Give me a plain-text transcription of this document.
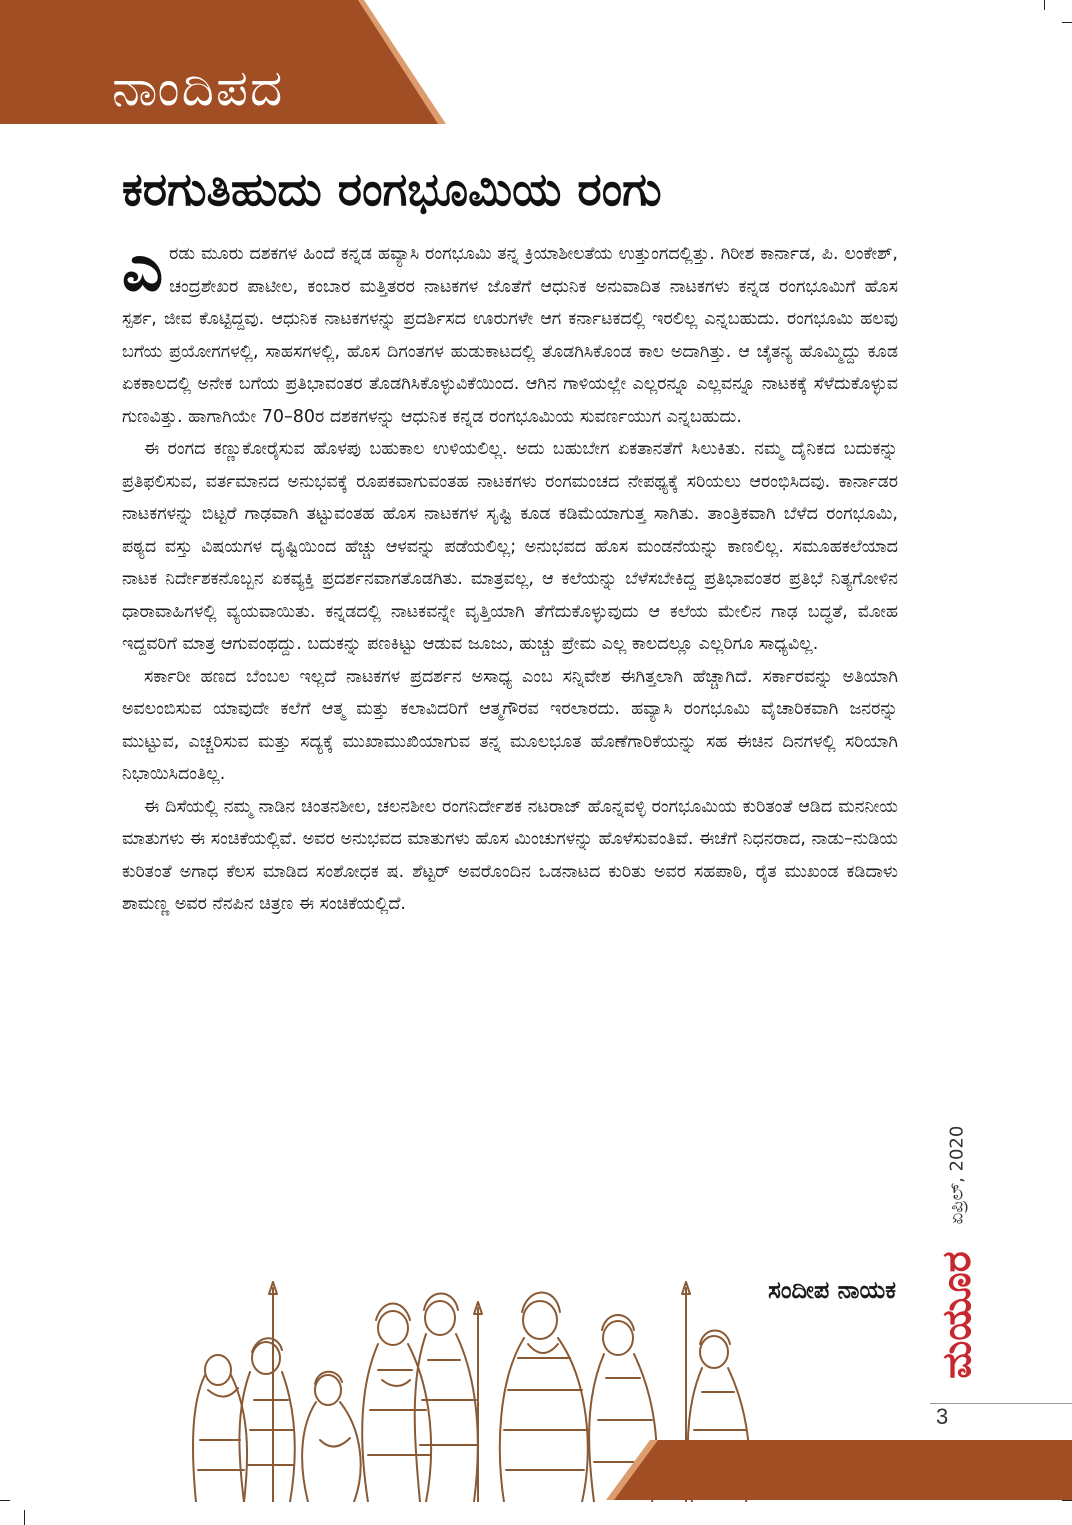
ನಾಂದಿಪದ
ಕರಗುತಿಹುದು ರಂಗಭೂಮಿಯ ರಂಗು

ಎರಡು ಮೂರು ದಶಕಗಳ ಹಿಂದೆ ಕನ್ನಡ ಹವ್ಯಾಸಿ ರಂಗಭೂಮಿ ತನ್ನ ಕ್ರಿಯಾಶೀಲತೆಯ ಉತ್ತುಂಗದಲ್ಲಿತ್ತು. ಗಿರೀಶ ಕಾರ್ನಾಡ, ಪಿ. ಲಂಕೇಶ್, ಚಂದ್ರಶೇಖರ ಪಾಟೀಲ, ಕಂಬಾರ ಮತ್ತಿತರರ ನಾಟಕಗಳ ಜೊತೆಗೆ ಆಧುನಿಕ ಅನುವಾದಿತ ನಾಟಕಗಳು ಕನ್ನಡ ರಂಗಭೂಮಿಗೆ ಹೊಸ ಸ್ಪರ್ಶ, ಜೀವ ಕೊಟ್ಟಿದ್ದವು. ಆಧುನಿಕ ನಾಟಕಗಳನ್ನು ಪ್ರದರ್ಶಿಸದ ಊರುಗಳೇ ಆಗ ಕರ್ನಾಟಕದಲ್ಲಿ ಇರಲಿಲ್ಲ ಎನ್ನಬಹುದು. ರಂಗಭೂಮಿ ಹಲವು ಬಗೆಯ ಪ್ರಯೋಗಗಳಲ್ಲಿ, ಸಾಹಸಗಳಲ್ಲಿ, ಹೊಸ ದಿಗಂತಗಳ ಹುಡುಕಾಟದಲ್ಲಿ ತೊಡಗಿಸಿಕೊಂಡ ಕಾಲ ಅದಾಗಿತ್ತು. ಆ ಚೈತನ್ಯ ಹೊಮ್ಮಿದ್ದು ಕೂಡ ಏಕಕಾಲದಲ್ಲಿ ಅನೇಕ ಬಗೆಯ ಪ್ರತಿಭಾವಂತರ ತೊಡಗಿಸಿಕೊಳ್ಳುವಿಕೆಯಿಂದ. ಆಗಿನ ಗಾಳಿಯಲ್ಲೇ ಎಲ್ಲರನ್ನೂ ಎಲ್ಲವನ್ನೂ ನಾಟಕಕ್ಕೆ ಸೆಳೆದುಕೊಳ್ಳುವ ಗುಣವಿತ್ತು. ಹಾಗಾಗಿಯೇ 70–80ರ ದಶಕಗಳನ್ನು ಆಧುನಿಕ ಕನ್ನಡ ರಂಗಭೂಮಿಯ ಸುವರ್ಣಯುಗ ಎನ್ನಬಹುದು.

ಈ ರಂಗದ ಕಣ್ಣುಕೋರೈಸುವ ಹೊಳಪು ಬಹುಕಾಲ ಉಳಿಯಲಿಲ್ಲ. ಅದು ಬಹುಬೇಗ ಏಕತಾನತೆಗೆ ಸಿಲುಕಿತು. ನಮ್ಮ ದೈನಿಕದ ಬದುಕನ್ನು ಪ್ರತಿಫಲಿಸುವ, ವರ್ತಮಾನದ ಅನುಭವಕ್ಕೆ ರೂಪಕವಾಗುವಂತಹ ನಾಟಕಗಳು ರಂಗಮಂಚದ ನೇಪಥ್ಯಕ್ಕೆ ಸರಿಯಲು ಆರಂಭಿಸಿದವು. ಕಾರ್ನಾಡರ ನಾಟಕಗಳನ್ನು ಬಿಟ್ಟರೆ ಗಾಢವಾಗಿ ತಟ್ಟುವಂತಹ ಹೊಸ ನಾಟಕಗಳ ಸೃಷ್ಟಿ ಕೂಡ ಕಡಿಮೆಯಾಗುತ್ತ ಸಾಗಿತು. ತಾಂತ್ರಿಕವಾಗಿ ಬೆಳೆದ ರಂಗಭೂಮಿ, ಪಠ್ಯದ ವಸ್ತು ವಿಷಯಗಳ ದೃಷ್ಟಿಯಿಂದ ಹೆಚ್ಚು ಆಳವನ್ನು ಪಡೆಯಲಿಲ್ಲ; ಅನುಭವದ ಹೊಸ ಮಂಡನೆಯನ್ನು ಕಾಣಲಿಲ್ಲ. ಸಮೂಹಕಲೆಯಾದ ನಾಟಕ ನಿರ್ದೇಶಕನೊಬ್ಬನ ಏಕವ್ಯಕ್ತಿ ಪ್ರದರ್ಶನವಾಗತೊಡಗಿತು. ಮಾತ್ರವಲ್ಲ, ಆ ಕಲೆಯನ್ನು ಬೆಳೆಸಬೇಕಿದ್ದ ಪ್ರತಿಭಾವಂತರ ಪ್ರತಿಭೆ ನಿತ್ಯಗೋಳಿನ ಧಾರಾವಾಹಿಗಳಲ್ಲಿ ವ್ಯಯವಾಯಿತು. ಕನ್ನಡದಲ್ಲಿ ನಾಟಕವನ್ನೇ ವೃತ್ತಿಯಾಗಿ ತೆಗೆದುಕೊಳ್ಳುವುದು ಆ ಕಲೆಯ ಮೇಲಿನ ಗಾಢ ಬದ್ಧತೆ, ಮೋಹ ಇದ್ದವರಿಗೆ ಮಾತ್ರ ಆಗುವಂಥದ್ದು. ಬದುಕನ್ನು ಪಣಕಿಟ್ಟು ಆಡುವ ಜೂಜು, ಹುಚ್ಚು ಪ್ರೇಮ ಎಲ್ಲ ಕಾಲದಲ್ಲೂ ಎಲ್ಲರಿಗೂ ಸಾಧ್ಯವಿಲ್ಲ.

ಸರ್ಕಾರೀ ಹಣದ ಬೆಂಬಲ ಇಲ್ಲದೆ ನಾಟಕಗಳ ಪ್ರದರ್ಶನ ಅಸಾಧ್ಯ ಎಂಬ ಸನ್ನಿವೇಶ ಈಗಿತ್ತಲಾಗಿ ಹೆಚ್ಚಾಗಿದೆ. ಸರ್ಕಾರವನ್ನು ಅತಿಯಾಗಿ ಅವಲಂಬಿಸುವ ಯಾವುದೇ ಕಲೆಗೆ ಆತ್ಮ ಮತ್ತು ಕಲಾವಿದರಿಗೆ ಆತ್ಮಗೌರವ ಇರಲಾರದು. ಹವ್ಯಾಸಿ ರಂಗಭೂಮಿ ವೈಚಾರಿಕವಾಗಿ ಜನರನ್ನು ಮುಟ್ಟುವ, ಎಚ್ಚರಿಸುವ ಮತ್ತು ಸದ್ಯಕ್ಕೆ ಮುಖಾಮುಖಿಯಾಗುವ ತನ್ನ ಮೂಲಭೂತ ಹೊಣೆಗಾರಿಕೆಯನ್ನು ಸಹ ಈಚಿನ ದಿನಗಳಲ್ಲಿ ಸರಿಯಾಗಿ ನಿಭಾಯಿಸಿದಂತಿಲ್ಲ.

ಈ ದಿಸೆಯಲ್ಲಿ ನಮ್ಮ ನಾಡಿನ ಚಿಂತನಶೀಲ, ಚಲನಶೀಲ ರಂಗನಿರ್ದೇಶಕ ನಟರಾಜ್ ಹೊನ್ನವಳ್ಳಿ ರಂಗಭೂಮಿಯ ಕುರಿತಂತೆ ಆಡಿದ ಮನನೀಯ ಮಾತುಗಳು ಈ ಸಂಚಿಕೆಯಲ್ಲಿವೆ. ಅವರ ಅನುಭವದ ಮಾತುಗಳು ಹೊಸ ಮಿಂಚುಗಳನ್ನು ಹೊಳೆಸುವಂತಿವೆ. ಈಚೆಗೆ ನಿಧನರಾದ, ನಾಡು–ನುಡಿಯ ಕುರಿತಂತೆ ಅಗಾಧ ಕೆಲಸ ಮಾಡಿದ ಸಂಶೋಧಕ ಷ. ಶೆಟ್ಟರ್ ಅವರೊಂದಿನ ಒಡನಾಟದ ಕುರಿತು ಅವರ ಸಹಪಾಠಿ, ರೈತ ಮುಖಂಡ ಕಡಿದಾಳು ಶಾಮಣ್ಣ ಅವರ ನೆನಪಿನ ಚಿತ್ರಣ ಈ ಸಂಚಿಕೆಯಲ್ಲಿದೆ.

ಸಂದೀಪ ನಾಯಕ
ಏಪ್ರಿಲ್, 2020
ಮಯೂರ
3
